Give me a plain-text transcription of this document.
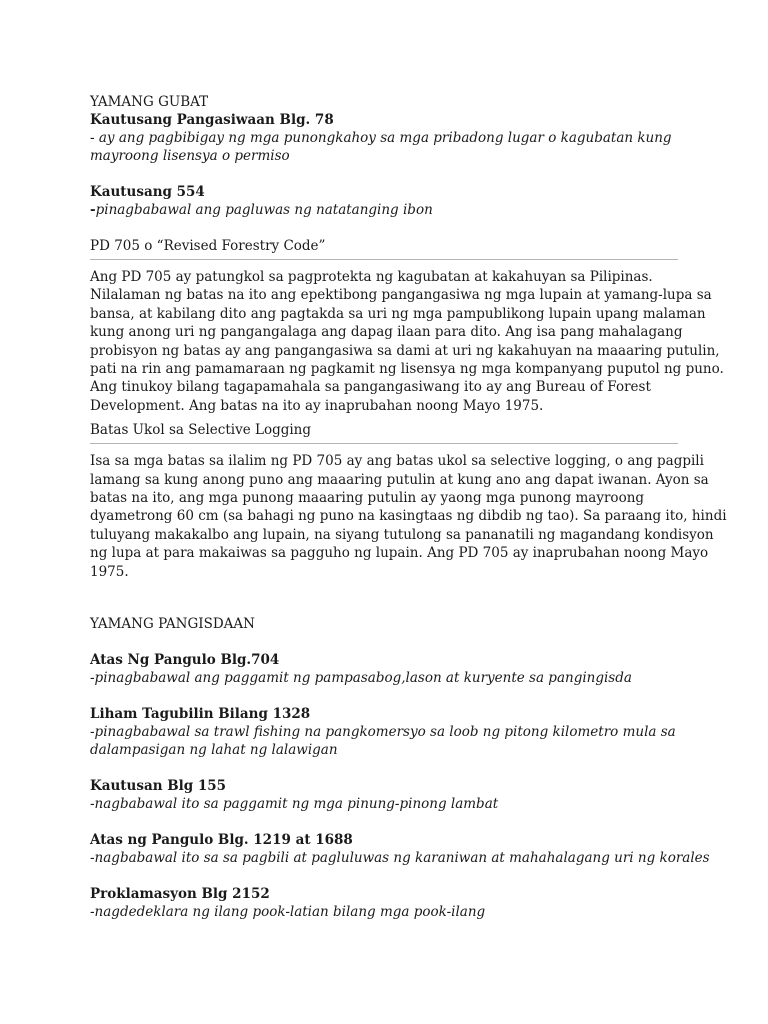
YAMANG GUBAT

Kautusang Pangasiwaan Blg. 78

- ay ang pagbibigay ng mga punongkahoy sa mga pribadong lugar o kagubatan kung

mayroong lisensya o permiso

Kautusang 554

-pinagbabawal ang pagluwas ng natatanging ibon

PD 705 o “Revised Forestry Code”

Ang PD 705 ay patungkol sa pagprotekta ng kagubatan at kakahuyan sa Pilipinas.
Nilalaman ng batas na ito ang epektibong pangangasiwa ng mga lupain at yamang-lupa sa
bansa, at kabilang dito ang pagtakda sa uri ng mga pampublikong lupain upang malaman
kung anong uri ng pangangalaga ang dapag ilaan para dito. Ang isa pang mahalagang
probisyon ng batas ay ang pangangasiwa sa dami at uri ng kakahuyan na maaaring putulin,
pati na rin ang pamamaraan ng pagkamit ng lisensya ng mga kompanyang puputol ng puno.
Ang tinukoy bilang tagapamahala sa pangangasiwang ito ay ang Bureau of Forest
Development. Ang batas na ito ay inaprubahan noong Mayo 1975.

Batas Ukol sa Selective Logging

Isa sa mga batas sa ilalim ng PD 705 ay ang batas ukol sa selective logging, o ang pagpili
lamang sa kung anong puno ang maaaring putulin at kung ano ang dapat iwanan. Ayon sa
batas na ito, ang mga punong maaaring putulin ay yaong mga punong mayroong
dyametrong 60 cm (sa bahagi ng puno na kasingtaas ng dibdib ng tao). Sa paraang ito, hindi
tuluyang makakalbo ang lupain, na siyang tutulong sa pananatili ng magandang kondisyon
ng lupa at para makaiwas sa pagguho ng lupain. Ang PD 705 ay inaprubahan noong Mayo
1975.

YAMANG PANGISDAAN

Atas Ng Pangulo Blg.704

-pinagbabawal ang paggamit ng pampasabog,lason at kuryente sa pangingisda

Liham Tagubilin Bilang 1328

-pinagbabawal sa trawl fishing na pangkomersyo sa loob ng pitong kilometro mula sa

dalampasigan ng lahat ng lalawigan

Kautusan Blg 155

-nagbabawal ito sa paggamit ng mga pinung-pinong lambat

Atas ng Pangulo Blg. 1219 at 1688

-nagbabawal ito sa sa pagbili at pagluluwas ng karaniwan at mahahalagang uri ng korales

Proklamasyon Blg 2152

-nagdedeklara ng ilang pook-latian bilang mga pook-ilang
